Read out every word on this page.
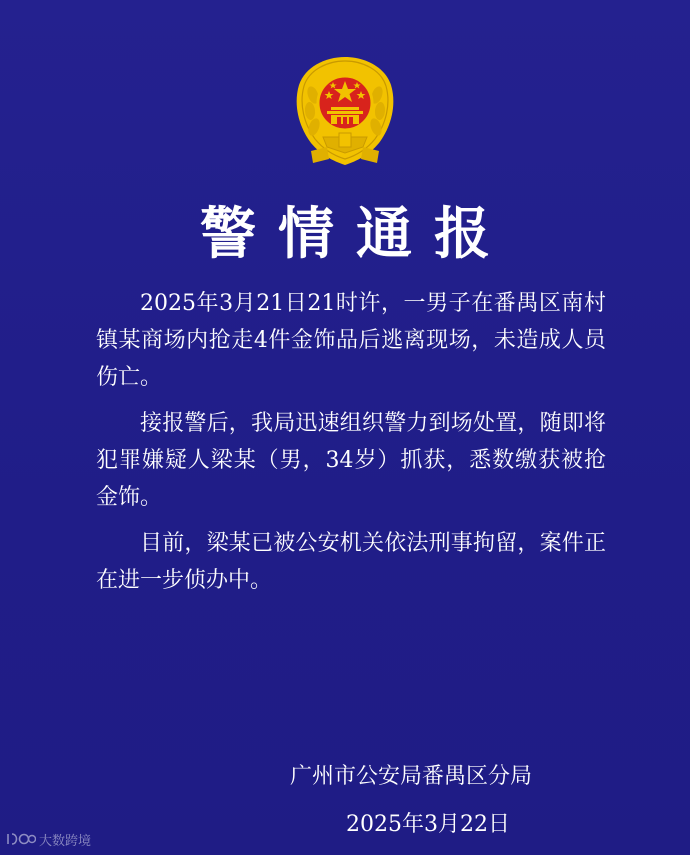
警情通报

2025年3月21日21时许，一男子在番禺区南村镇某商场内抢走4件金饰品后逃离现场，未造成人员伤亡。

接报警后，我局迅速组织警力到场处置，随即将犯罪嫌疑人梁某（男，34岁）抓获，悉数缴获被抢金饰。

目前，梁某已被公安机关依法刑事拘留，案件正在进一步侦办中。

广州市公安局番禺区分局
2025年3月22日
大数跨境
